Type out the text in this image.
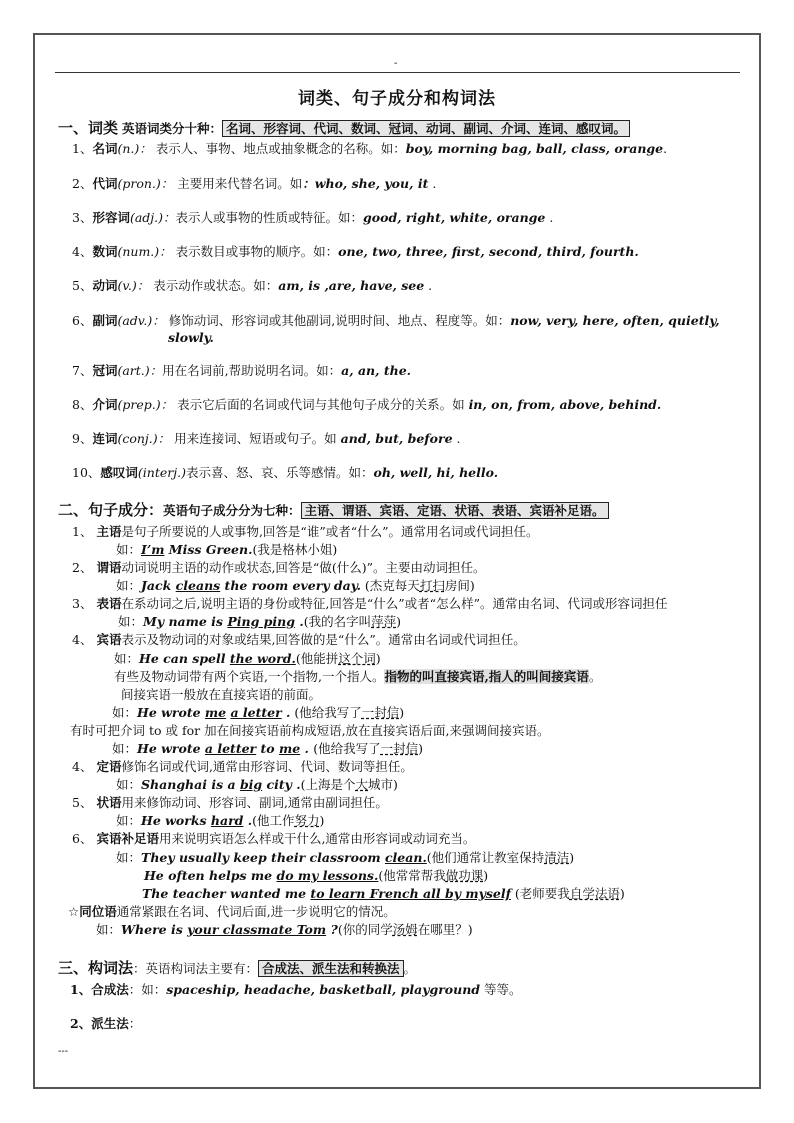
-
词类、句子成分和构词法
一、词类 英语词类分十种： 名词、形容词、代词、数词、冠词、动词、副词、介词、连词、感叹词。
1、名词(n.)： 表示人、事物、地点或抽象概念的名称。如：boy, morning bag, ball, class, orange.
2、代词(pron.)： 主要用来代替名词。如：who, she, you, it .
3、形容词(adj.)：表示人或事物的性质或特征。如：good, right, white, orange .
4、数词(num.)： 表示数目或事物的顺序。如：one, two, three, first, second, third, fourth.
5、动词(v.)： 表示动作或状态。如：am, is ,are, have, see .
6、副词(adv.)： 修饰动词、形容词或其他副词,说明时间、地点、程度等。如：now, very, here, often, quietly,
slowly.
7、冠词(art.)：用在名词前,帮助说明名词。如：a, an, the.
8、介词(prep.)： 表示它后面的名词或代词与其他句子成分的关系。如 in, on, from, above, behind.
9、连词(conj.)： 用来连接词、短语或句子。如 and, but, before .
10、感叹词(interj.)表示喜、怒、哀、乐等感情。如：oh, well, hi, hello.
二、句子成分：英语句子成分分为七种： 主语、谓语、宾语、定语、状语、表语、宾语补足语。
1、 主语是句子所要说的人或事物,回答是“谁”或者“什么”。通常用名词或代词担任。
如：I’m Miss Green.(我是格林小姐)
2、 谓语动词说明主语的动作或状态,回答是“做(什么)”。主要由动词担任。
如：Jack cleans the room every day. (杰克每天打扫房间)
3、 表语在系动词之后,说明主语的身份或特征,回答是“什么”或者“怎么样”。通常由名词、代词或形容词担任
如：My name is Ping ping .(我的名字叫萍萍)
4、 宾语表示及物动词的对象或结果,回答做的是“什么”。通常由名词或代词担任。
如：He can spell the word.(他能拼这个词)
有些及物动词带有两个宾语,一个指物,一个指人。指物的叫直接宾语,指人的叫间接宾语。
间接宾语一般放在直接宾语的前面。
如：He wrote me a letter . (他给我写了一封信)
有时可把介词 to 或 for 加在间接宾语前构成短语,放在直接宾语后面,来强调间接宾语。
如：He wrote a letter to me . (他给我写了一封信)
4、 定语修饰名词或代词,通常由形容词、代词、数词等担任。
如：Shanghai is a big city .(上海是个大城市)
5、 状语用来修饰动词、形容词、副词,通常由副词担任。
如：He works hard .(他工作努力)
6、 宾语补足语用来说明宾语怎么样或干什么,通常由形容词或动词充当。
如：They usually keep their classroom clean.(他们通常让教室保持清洁)
He often helps me do my lessons.(他常常帮我做功课)
The teacher wanted me to learn French all by myself (老师要我自学法语)
☆同位语通常紧跟在名词、代词后面,进一步说明它的情况。
如：Where is your classmate Tom ?(你的同学汤姆在哪里？)
三、构词法：英语构词法主要有： 合成法、派生法和转换法 。
1、合成法：如：spaceship, headache, basketball, playground 等等。
2、派生法：
---
